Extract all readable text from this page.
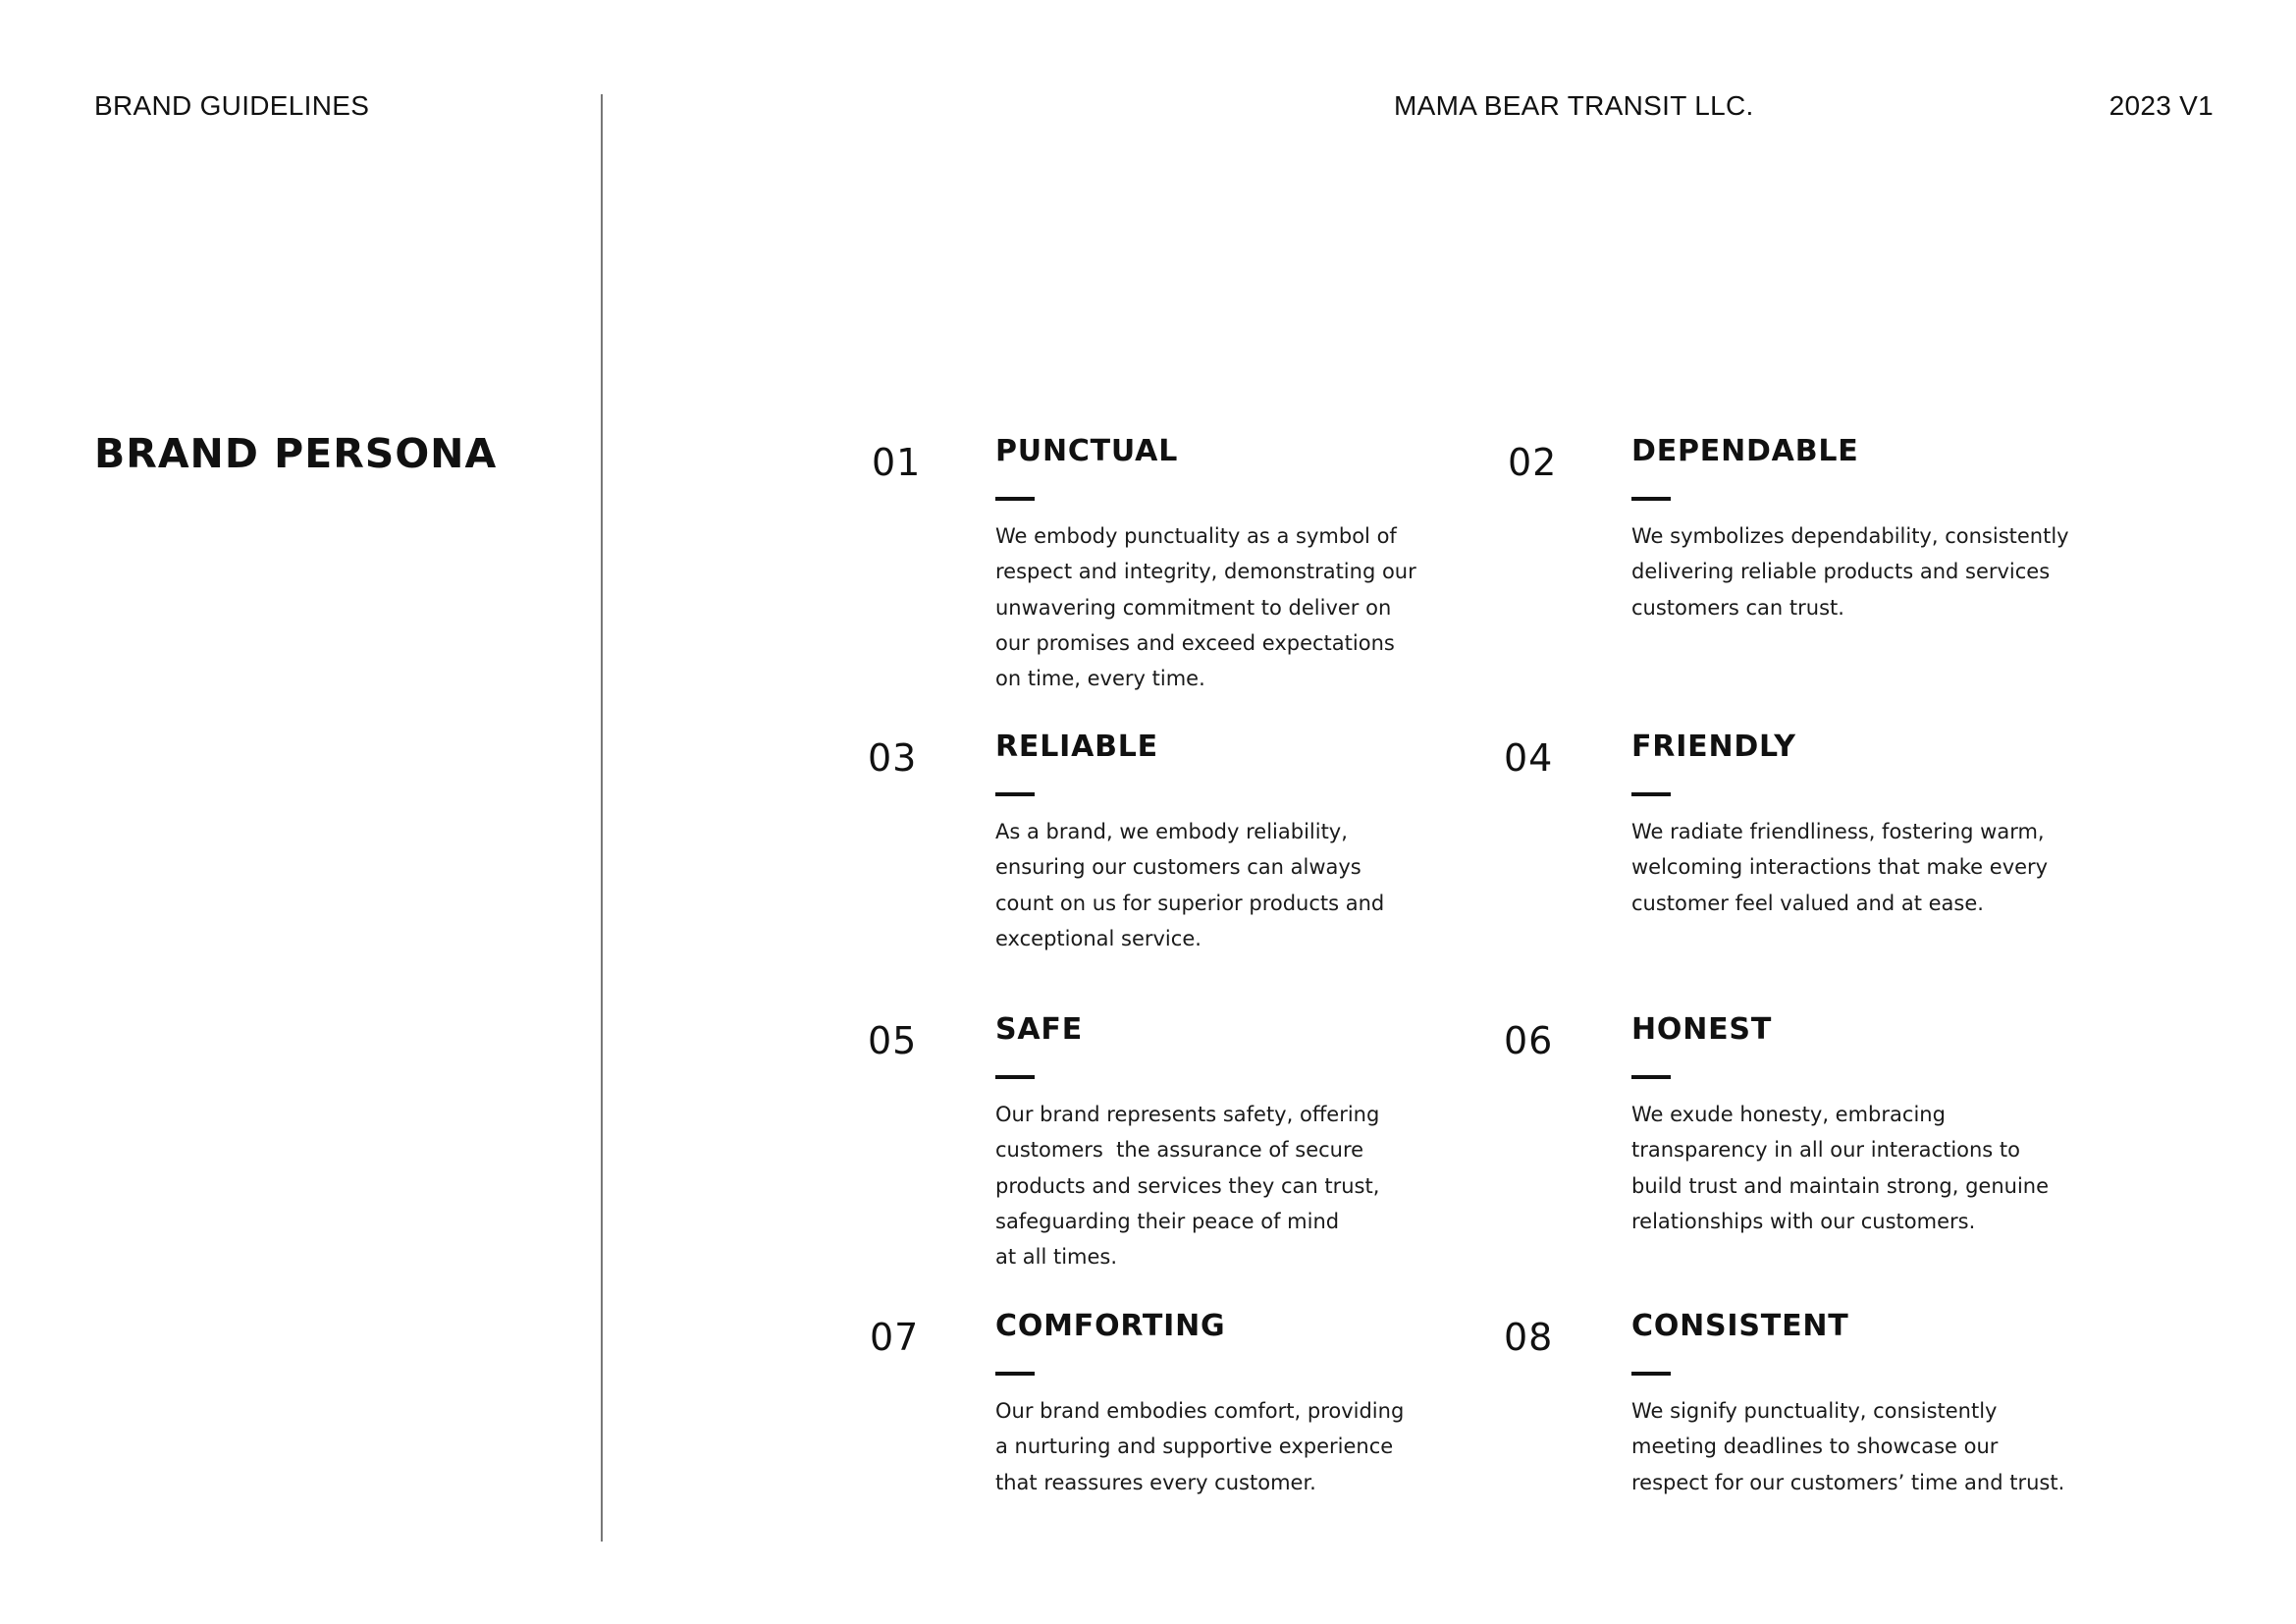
BRAND GUIDELINES	MAMA BEAR TRANSIT LLC.	2023 V1
BRAND PERSONA	01	PUNCTUAL
We embody punctuality as a symbol of
respect and integrity, demonstrating our
unwavering commitment to deliver on
our promises and exceed expectations
on time, every time.
02	DEPENDABLE
We symbolizes dependability, consistently
delivering reliable products and services
customers can trust.
03	RELIABLE
As a brand, we embody reliability,
ensuring our customers can always
count on us for superior products and
exceptional service.
04	FRIENDLY
We radiate friendliness, fostering warm,
welcoming interactions that make every
customer feel valued and at ease.
05	SAFE
Our brand represents safety, offering
customers  the assurance of secure
products and services they can trust,
safeguarding their peace of mind
at all times.
06	HONEST
We exude honesty, embracing
transparency in all our interactions to
build trust and maintain strong, genuine
relationships with our customers.
07	COMFORTING
Our brand embodies comfort, providing
a nurturing and supportive experience
that reassures every customer.
08	CONSISTENT
We signify punctuality, consistently
meeting deadlines to showcase our
respect for our customers’ time and trust.
